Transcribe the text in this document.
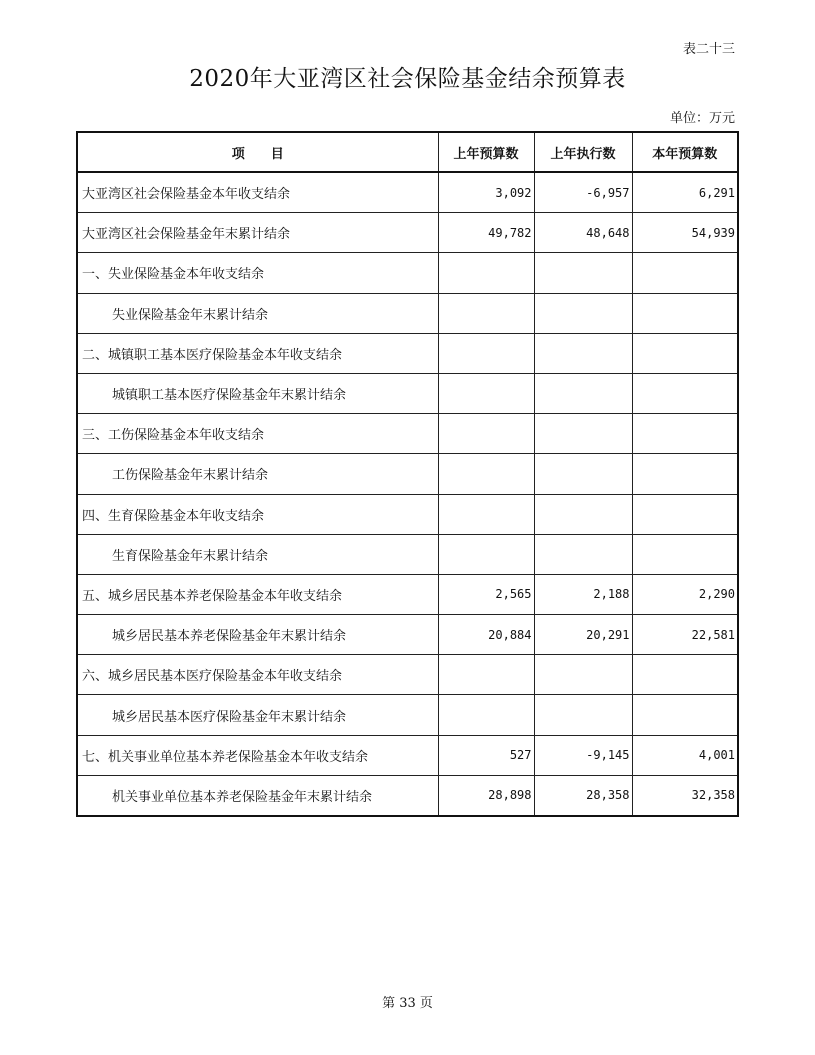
表二十三
2020年大亚湾区社会保险基金结余预算表
单位：万元
项　　目	上年预算数	上年执行数	本年预算数
大亚湾区社会保险基金本年收支结余	3,092	-6,957	6,291
大亚湾区社会保险基金年末累计结余	49,782	48,648	54,939
一、失业保险基金本年收支结余			
失业保险基金年末累计结余			
二、城镇职工基本医疗保险基金本年收支结余			
城镇职工基本医疗保险基金年末累计结余			
三、工伤保险基金本年收支结余			
工伤保险基金年末累计结余			
四、生育保险基金本年收支结余			
生育保险基金年末累计结余			
五、城乡居民基本养老保险基金本年收支结余	2,565	2,188	2,290
城乡居民基本养老保险基金年末累计结余	20,884	20,291	22,581
六、城乡居民基本医疗保险基金本年收支结余			
城乡居民基本医疗保险基金年末累计结余			
七、机关事业单位基本养老保险基金本年收支结余	527	-9,145	4,001
机关事业单位基本养老保险基金年末累计结余	28,898	28,358	32,358
第 33 页
